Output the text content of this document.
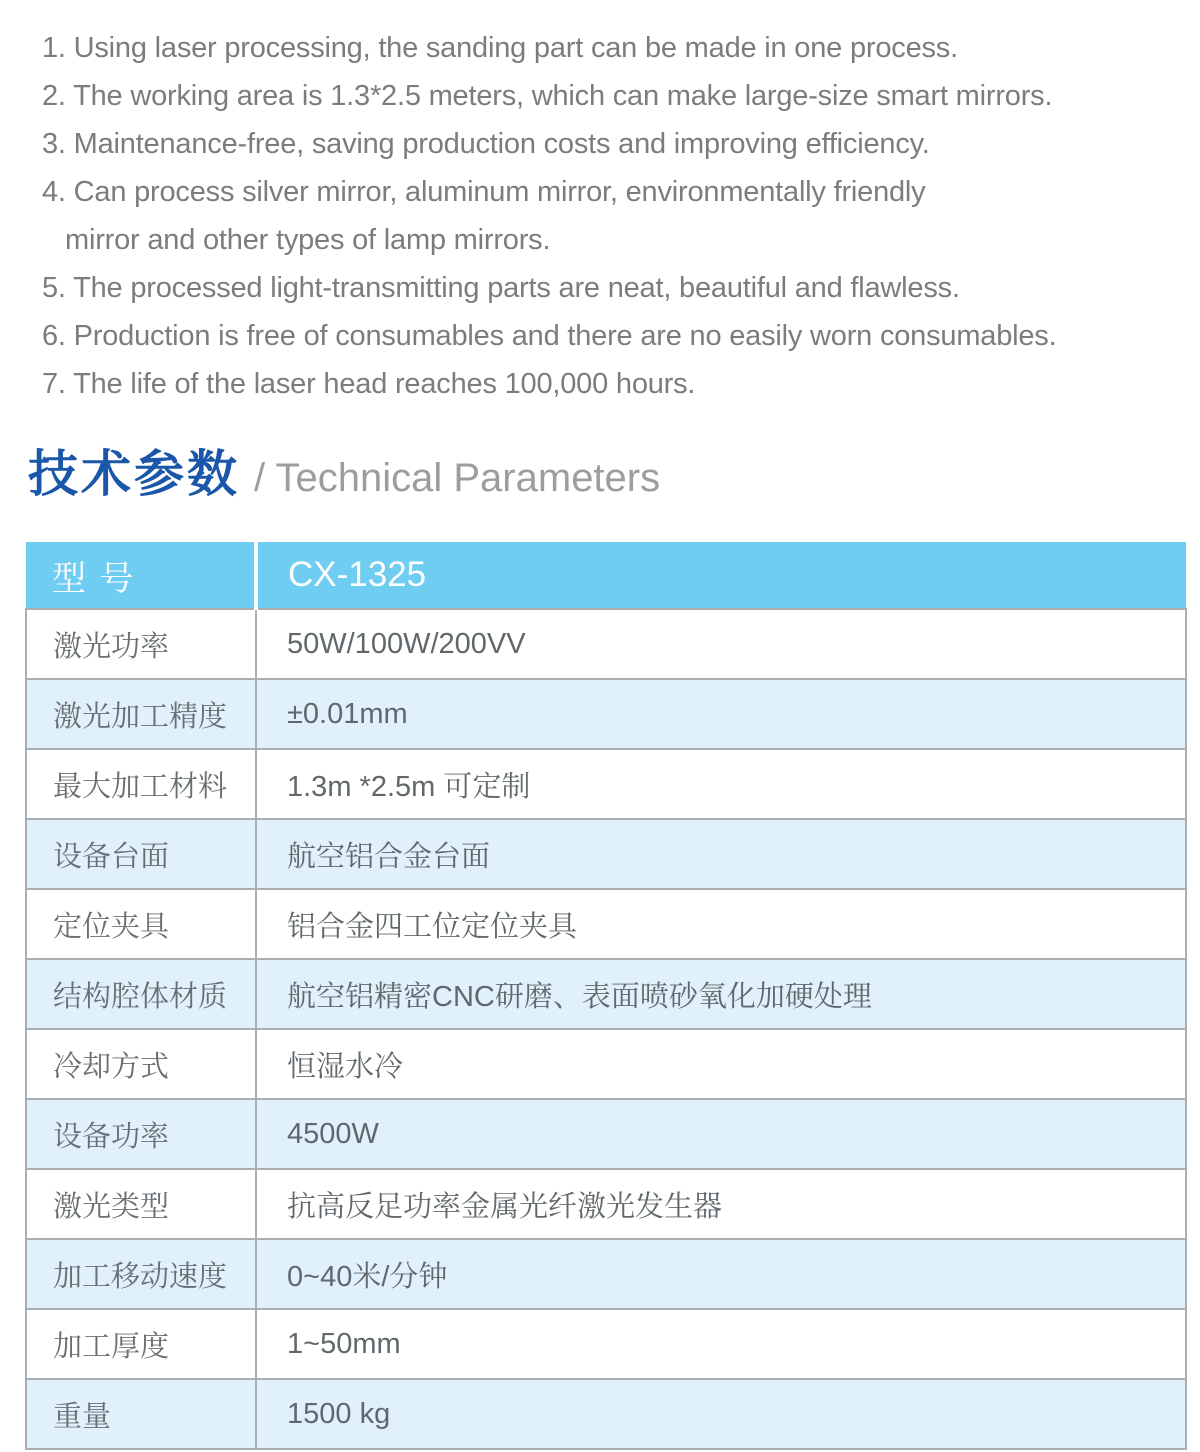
1. Using laser processing, the sanding part can be made in one process.
2. The working area is 1.3*2.5 meters, which can make large-size smart mirrors.
3. Maintenance-free, saving production costs and improving efficiency.
4. Can process silver mirror, aluminum mirror, environmentally friendly
mirror and other types of lamp mirrors.
5. The processed light-transmitting parts are neat, beautiful and flawless.
6. Production is free of consumables and there are no easily worn consumables.
7. The life of the laser head reaches 100,000 hours.
技术参数 / Technical Parameters
型 号	CX-1325
激光功率	50W/100W/200VV
激光加工精度	±0.01mm
最大加工材料	1.3m *2.5m 可定制
设备台面	航空铝合金台面
定位夹具	铝合金四工位定位夹具
结构腔体材质	航空铝精密CNC研磨、表面喷砂氧化加硬处理
冷却方式	恒湿水冷
设备功率	4500W
激光类型	抗高反足功率金属光纤激光发生器
加工移动速度	0~40米/分钟
加工厚度	1~50mm
重量	1500 kg
